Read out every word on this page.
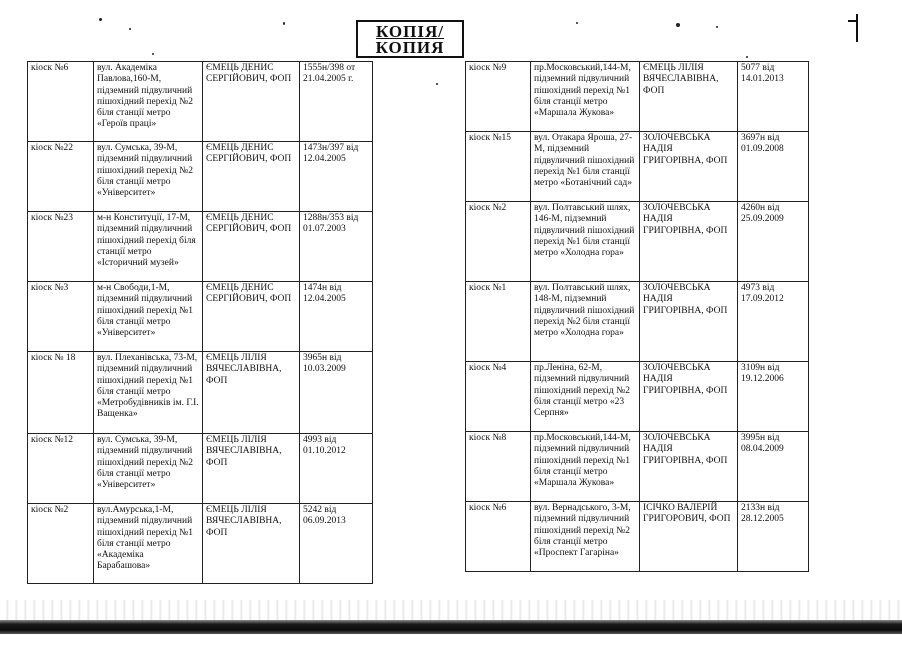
КОПІЯ/
КОПИЯ
кіоск №6	вул. Академіка Павлова,160-М, підземний підвуличний пішохідний перехід №2 біля станції метро «Героїв праці»	ЄМЕЦЬ ДЕНИС СЕРГІЙОВИЧ, ФОП	1555н/398 от 21.04.2005 г.
кіоск №22	вул. Сумська, 39-М, підземний підвуличний пішохідний перехід №2 біля станції метро «Університет»	ЄМЕЦЬ ДЕНИС СЕРГІЙОВИЧ, ФОП	1473н/397 від 12.04.2005
кіоск №23	м-н Конституції, 17-М, підземний підвуличний пішохідний перехід біля станції метро «Історичний музей»	ЄМЕЦЬ ДЕНИС СЕРГІЙОВИЧ, ФОП	1288н/353 від 01.07.2003
кіоск №3	м-н Свободи,1-М, підземний підвуличний пішохідний перехід №1 біля станції метро «Університет»	ЄМЕЦЬ ДЕНИС СЕРГІЙОВИЧ, ФОП	1474н від 12.04.2005
кіоск № 18	вул. Плеханівська, 73-М, підземний підвуличний пішохідний перехід №1 біля станції метро «Метробудівників ім. Г.І. Ващенка»	ЄМЕЦЬ ЛІЛІЯ ВЯЧЕСЛАВІВНА, ФОП	3965н від 10.03.2009
кіоск №12	вул. Сумська, 39-М, підземний підвуличний пішохідний перехід №2 біля станції метро «Університет»	ЄМЕЦЬ ЛІЛІЯ ВЯЧЕСЛАВІВНА, ФОП	4993 від 01.10.2012
кіоск №2	вул.Амурська,1-М, підземний підвуличний пішохідний перехід №1 біля станції метро «Академіка Барабашова»	ЄМЕЦЬ ЛІЛІЯ ВЯЧЕСЛАВІВНА, ФОП	5242 від 06.09.2013
кіоск №9	пр.Московський,144-М, підземний підвуличний пішохідний перехід №1 біля станції метро «Маршала Жукова»	ЄМЕЦЬ ЛІЛІЯ ВЯЧЕСЛАВІВНА, ФОП	5077 від 14.01.2013
кіоск №15	вул. Отакара Яроша, 27-М, підземний підвуличний пішохідний перехід №1 біля станції метро «Ботанічний сад»	ЗОЛОЧЕВСЬКА НАДІЯ ГРИГОРІВНА, ФОП	3697н від 01.09.2008
кіоск №2	вул. Полтавський шлях, 146-М, підземний підвуличний пішохідний перехід №1 біля станції метро «Холодна гора»	ЗОЛОЧЕВСЬКА НАДІЯ ГРИГОРІВНА, ФОП	4260н від 25.09.2009
кіоск №1	вул. Полтавський шлях, 148-М, підземний підвуличний пішохідний перехід №2 біля станції метро «Холодна гора»	ЗОЛОЧЕВСЬКА НАДІЯ ГРИГОРІВНА, ФОП	4973 від 17.09.2012
кіоск №4	пр.Леніна, 62-М, підземний підвуличний пішохідний перехід №2 біля станції метро «23 Серпня»	ЗОЛОЧЕВСЬКА НАДІЯ ГРИГОРІВНА, ФОП	3109н від 19.12.2006
кіоск №8	пр.Московський,144-М, підземний підвуличний пішохідний перехід №1 біля станції метро «Маршала Жукова»	ЗОЛОЧЕВСЬКА НАДІЯ ГРИГОРІВНА, ФОП	3995н від 08.04.2009
кіоск №6	вул. Вернадського, 3-М, підземний підвуличний пішохідний перехід №2 біля станції метро «Проспект Гагаріна»	ІСІЧКО ВАЛЕРІЙ ГРИГОРОВИЧ, ФОП	2133н від 28.12.2005
